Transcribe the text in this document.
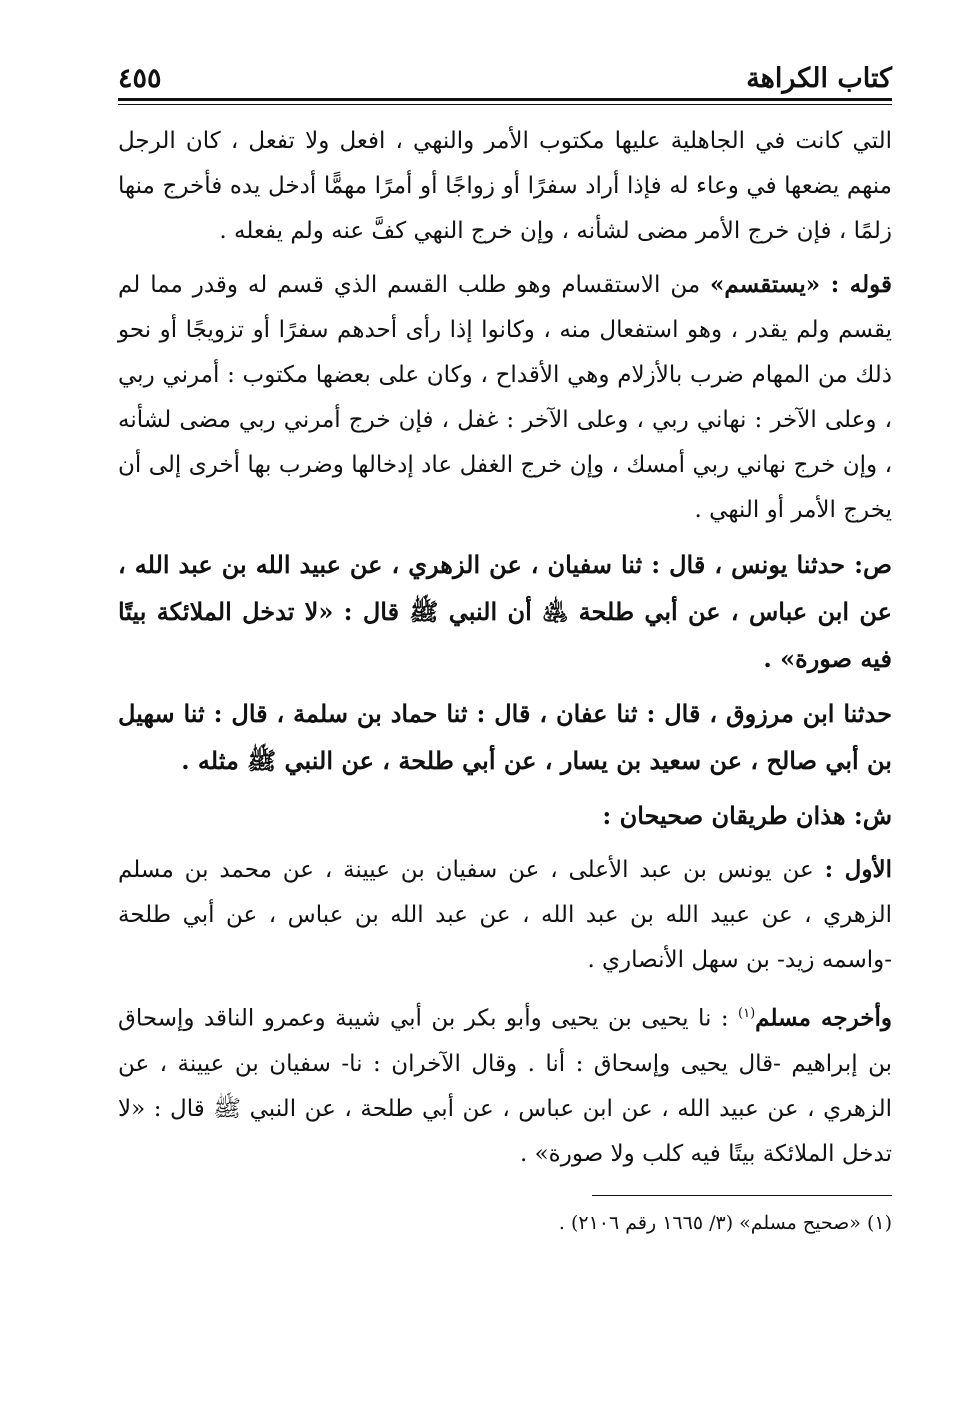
كتاب الكراهة
٤٥٥

التي كانت في الجاهلية عليها مكتوب الأمر والنهي ، افعل ولا تفعل ، كان الرجل منهم يضعها في وعاء له فإذا أراد سفرًا أو زواجًا أو أمرًا مهمًّا أدخل يده فأخرج منها زلمًا ، فإن خرج الأمر مضى لشأنه ، وإن خرج النهي كفَّ عنه ولم يفعله .

قوله : «يستقسم» من الاستقسام وهو طلب القسم الذي قسم له وقدر مما لم يقسم ولم يقدر ، وهو استفعال منه ، وكانوا إذا رأى أحدهم سفرًا أو تزويجًا أو نحو ذلك من المهام ضرب بالأزلام وهي الأقداح ، وكان على بعضها مكتوب : أمرني ربي ، وعلى الآخر : نهاني ربي ، وعلى الآخر : غفل ، فإن خرج أمرني ربي مضى لشأنه ، وإن خرج نهاني ربي أمسك ، وإن خرج الغفل عاد إدخالها وضرب بها أخرى إلى أن يخرج الأمر أو النهي .

ص: حدثنا يونس ، قال : ثنا سفيان ، عن الزهري ، عن عبيد الله بن عبد الله ، عن ابن عباس ، عن أبي طلحة ﵁ أن النبي ﷺ قال : «لا تدخل الملائكة بيتًا فيه صورة» .

حدثنا ابن مرزوق ، قال : ثنا عفان ، قال : ثنا حماد بن سلمة ، قال : ثنا سهيل بن أبي صالح ، عن سعيد بن يسار ، عن أبي طلحة ، عن النبي ﷺ مثله .

ش: هذان طريقان صحيحان :

الأول : عن يونس بن عبد الأعلى ، عن سفيان بن عيينة ، عن محمد بن مسلم الزهري ، عن عبيد الله بن عبد الله ، عن عبد الله بن عباس ، عن أبي طلحة -واسمه زيد- بن سهل الأنصاري .

وأخرجه مسلم$^{(١)}$ : نا يحيى بن يحيى وأبو بكر بن أبي شيبة وعمرو الناقد وإسحاق بن إبراهيم -قال يحيى وإسحاق : أنا . وقال الآخران : نا- سفيان بن عيينة ، عن الزهري ، عن عبيد الله ، عن ابن عباس ، عن أبي طلحة ، عن النبي ﷺ قال : «لا تدخل الملائكة بيتًا فيه كلب ولا صورة» .

(١) «صحيح مسلم» (٣/ ١٦٦٥ رقم ٢١٠٦) .
